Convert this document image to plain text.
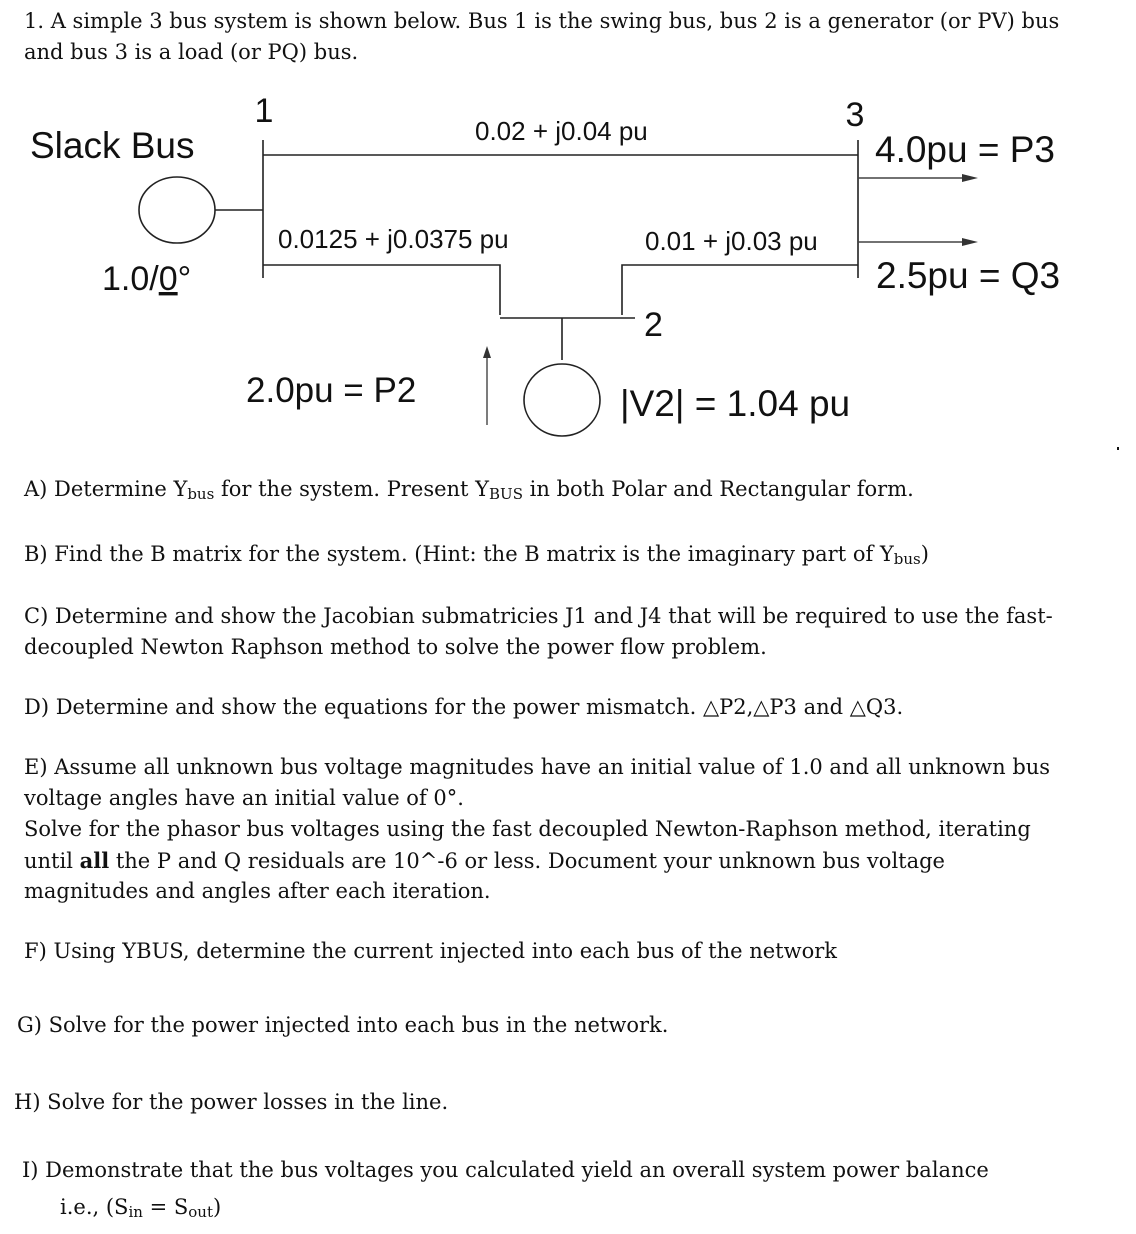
1. A simple 3 bus system is shown below. Bus 1 is the swing bus, bus 2 is a generator (or PV) bus
and bus 3 is a load (or PQ) bus.
1	3
Slack Bus	0.02 + j0.04 pu
0.0125 + j0.0375 pu	0.01 + j0.03 pu
1.0/0°
4.0pu = P3
2.5pu = Q3
2
2.0pu = P2	|V2| = 1.04 pu
A) Determine Ybus for the system. Present YBUS in both Polar and Rectangular form.
B) Find the B matrix for the system. (Hint: the B matrix is the imaginary part of Ybus)
C) Determine and show the Jacobian submatricies J1 and J4 that will be required to use the fast-
decoupled Newton Raphson method to solve the power flow problem.
D) Determine and show the equations for the power mismatch. △P2,△P3 and △Q3.
E) Assume all unknown bus voltage magnitudes have an initial value of 1.0 and all unknown bus
voltage angles have an initial value of 0°.
Solve for the phasor bus voltages using the fast decoupled Newton-Raphson method, iterating
until all the P and Q residuals are 10^-6 or less. Document your unknown bus voltage
magnitudes and angles after each iteration.
F) Using YBUS, determine the current injected into each bus of the network
G) Solve for the power injected into each bus in the network.
H) Solve for the power losses in the line.
I) Demonstrate that the bus voltages you calculated yield an overall system power balance
i.e., (Sin = Sout)
